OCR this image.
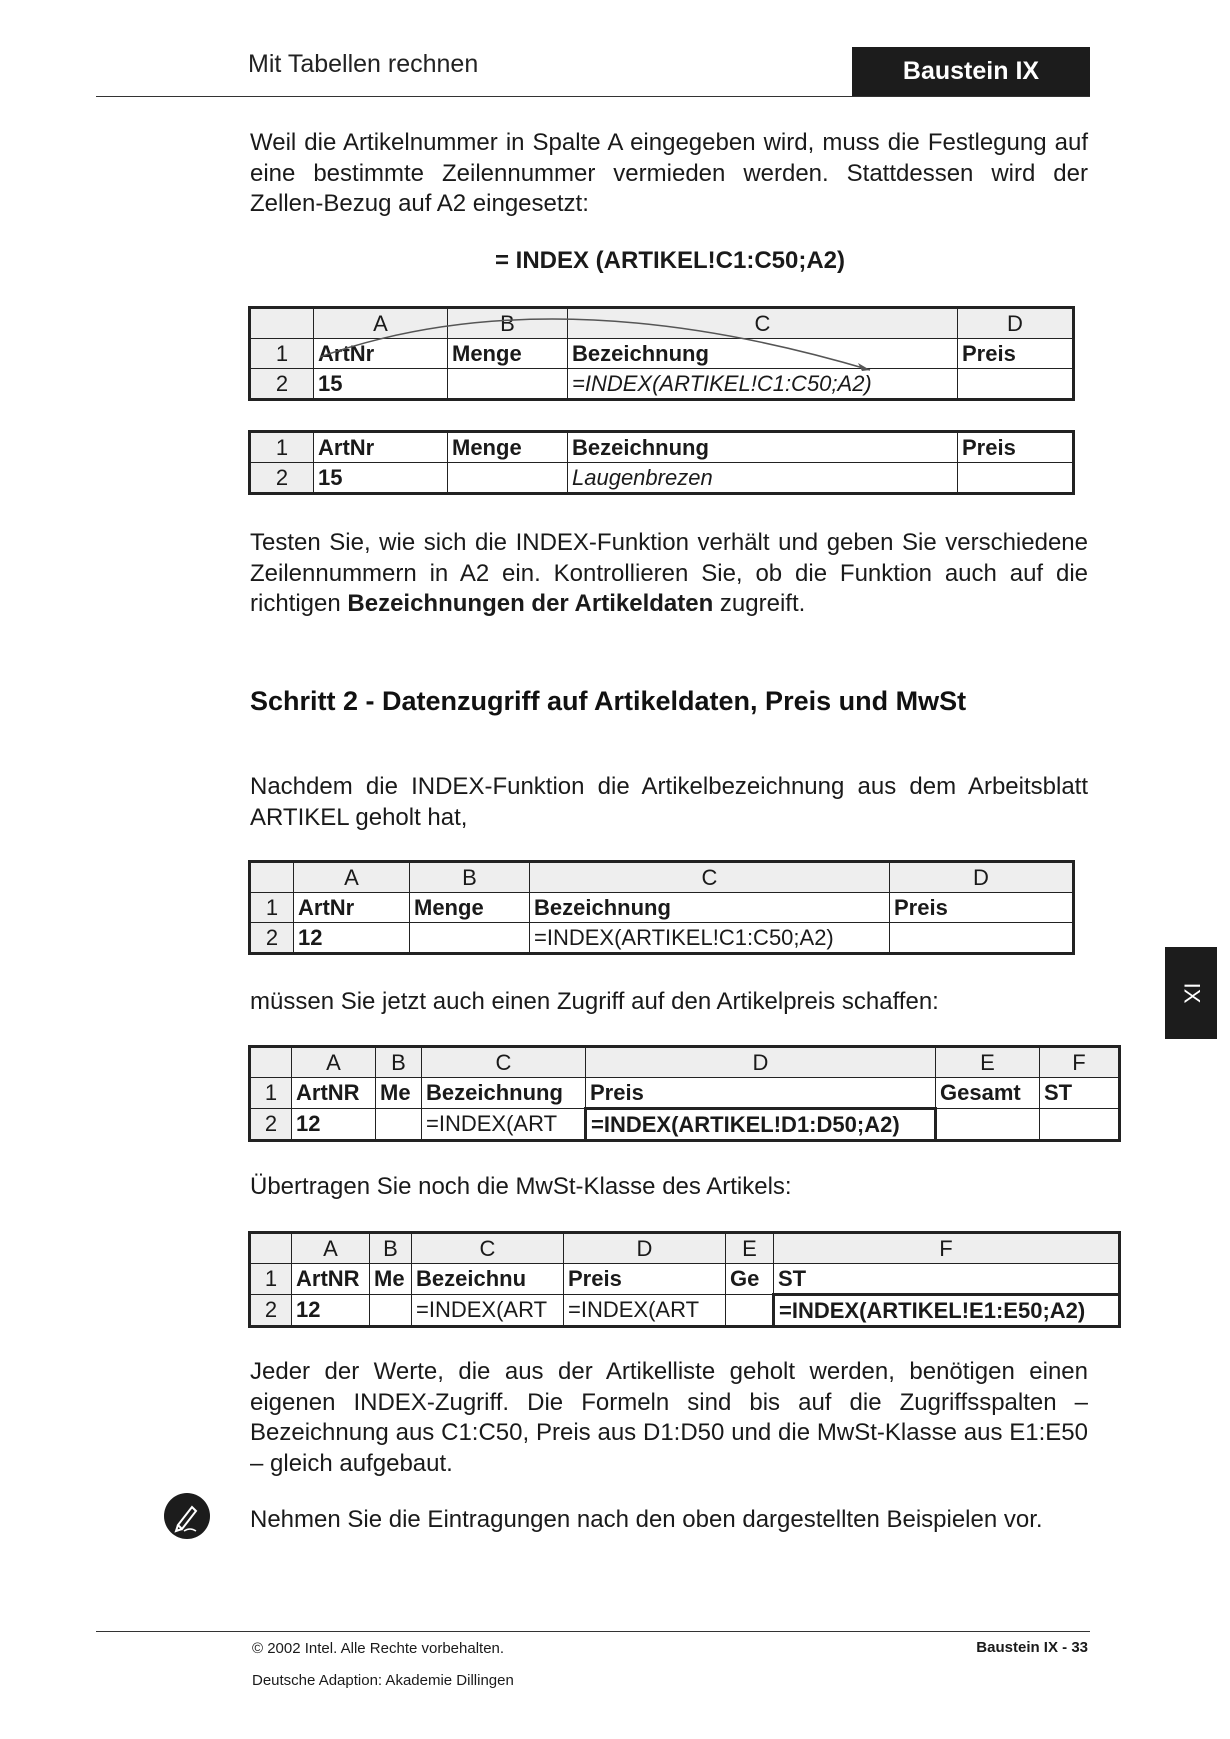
Mit Tabellen rechnen	Baustein IX
Weil die Artikelnummer in Spalte A eingegeben wird, muss die Festlegung auf eine bestimmte Zeilennummer vermieden werden. Stattdessen wird der Zellen-Bezug auf A2 eingesetzt:
= INDEX (ARTIKEL!C1:C50;A2)
	A	B	C	D
1	ArtNr	Menge	Bezeichnung	Preis
2	15		=INDEX(ARTIKEL!C1:C50;A2)	
1	ArtNr	Menge	Bezeichnung	Preis
2	15		Laugenbrezen	
Testen Sie, wie sich die INDEX-Funktion verhält und geben Sie verschiedene Zeilennummern in A2 ein. Kontrollieren Sie, ob die Funktion auch auf die richtigen Bezeichnungen der Artikeldaten zugreift.
Schritt 2 - Datenzugriff auf Artikeldaten, Preis und MwSt
Nachdem die INDEX-Funktion die Artikelbezeichnung aus dem Arbeitsblatt ARTIKEL geholt hat,
	A	B	C	D
1	ArtNr	Menge	Bezeichnung	Preis
2	12		=INDEX(ARTIKEL!C1:C50;A2)	
müssen Sie jetzt auch einen Zugriff auf den Artikelpreis schaffen:
	A	B	C	D	E	F
1	ArtNR	Me	Bezeichnung	Preis	Gesamt	ST
2	12		=INDEX(ART	=INDEX(ARTIKEL!D1:D50;A2)		
Übertragen Sie noch die MwSt-Klasse des Artikels:
	A	B	C	D	E	F
1	ArtNR	Me	Bezeichnu	Preis	Ge	ST
2	12		=INDEX(ART	=INDEX(ART		=INDEX(ARTIKEL!E1:E50;A2)
Jeder der Werte, die aus der Artikelliste geholt werden, benötigen einen eigenen INDEX-Zugriff. Die Formeln sind bis auf die Zugriffsspalten – Bezeichnung aus C1:C50, Preis aus D1:D50 und die MwSt-Klasse aus E1:E50 – gleich aufgebaut.
Nehmen Sie die Eintragungen nach den oben dargestellten Beispielen vor.
IX
© 2002 Intel. Alle Rechte vorbehalten.	Baustein IX - 33
Deutsche Adaption: Akademie Dillingen
